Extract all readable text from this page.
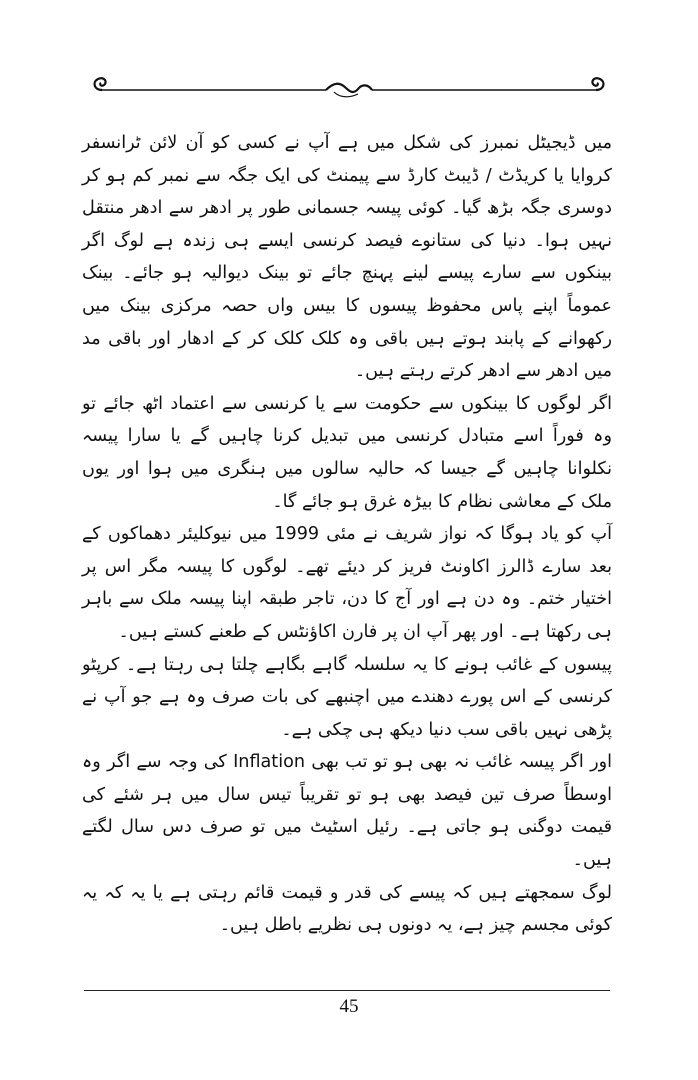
میں ڈیجیٹل نمبرز کی شکل میں ہے آپ نے کسی کو آن لائن ٹرانسفر کروایا یا کریڈٹ / ڈیبٹ کارڈ سے پیمنٹ کی ایک جگہ سے نمبر کم ہو کر دوسری جگہ بڑھ گیا۔ کوئی پیسہ جسمانی طور پر ادھر سے ادھر منتقل نہیں ہوا۔ دنیا کی ستانوے فیصد کرنسی ایسے ہی زندہ ہے لوگ اگر بینکوں سے سارے پیسے لینے پہنچ جائے تو بینک دیوالیہ ہو جائے۔ بینک عموماً اپنے پاس محفوظ پیسوں کا بیس واں حصہ مرکزی بینک میں رکھوانے کے پابند ہوتے ہیں باقی وہ کلک کلک کر کے ادھار اور باقی مد میں ادھر سے ادھر کرتے رہتے ہیں۔

اگر لوگوں کا بینکوں سے حکومت سے یا کرنسی سے اعتماد اٹھ جائے تو وہ فوراً اسے متبادل کرنسی میں تبدیل کرنا چاہیں گے یا سارا پیسہ نکلوانا چاہیں گے جیسا کہ حالیہ سالوں میں ہنگری میں ہوا اور یوں ملک کے معاشی نظام کا بیڑہ غرق ہو جائے گا۔

آپ کو یاد ہوگا کہ نواز شریف نے مئی 1999 میں نیوکلیئر دھماکوں کے بعد سارے ڈالرز اکاونٹ فریز کر دیئے تھے۔ لوگوں کا پیسہ مگر اس پر اختیار ختم۔ وہ دن ہے اور آج کا دن، تاجر طبقہ اپنا پیسہ ملک سے باہر ہی رکھتا ہے۔ اور پھر آپ ان پر فارن اکاؤنٹس کے طعنے کستے ہیں۔

پیسوں کے غائب ہونے کا یہ سلسلہ گاہے بگاہے چلتا ہی رہتا ہے۔ کرپٹو کرنسی کے اس پورے دھندے میں اچنبھے کی بات صرف وہ ہے جو آپ نے پڑھی نہیں باقی سب دنیا دیکھ ہی چکی ہے۔

اور اگر پیسہ غائب نہ بھی ہو تو تب بھی Inflation کی وجہ سے اگر وہ اوسطاً صرف تین فیصد بھی ہو تو تقریباً تیس سال میں ہر شئے کی قیمت دوگنی ہو جاتی ہے۔ رئیل اسٹیٹ میں تو صرف دس سال لگتے ہیں۔

لوگ سمجھتے ہیں کہ پیسے کی قدر و قیمت قائم رہتی ہے یا یہ کہ یہ کوئی مجسم چیز ہے، یہ دونوں ہی نظریے باطل ہیں۔

45
